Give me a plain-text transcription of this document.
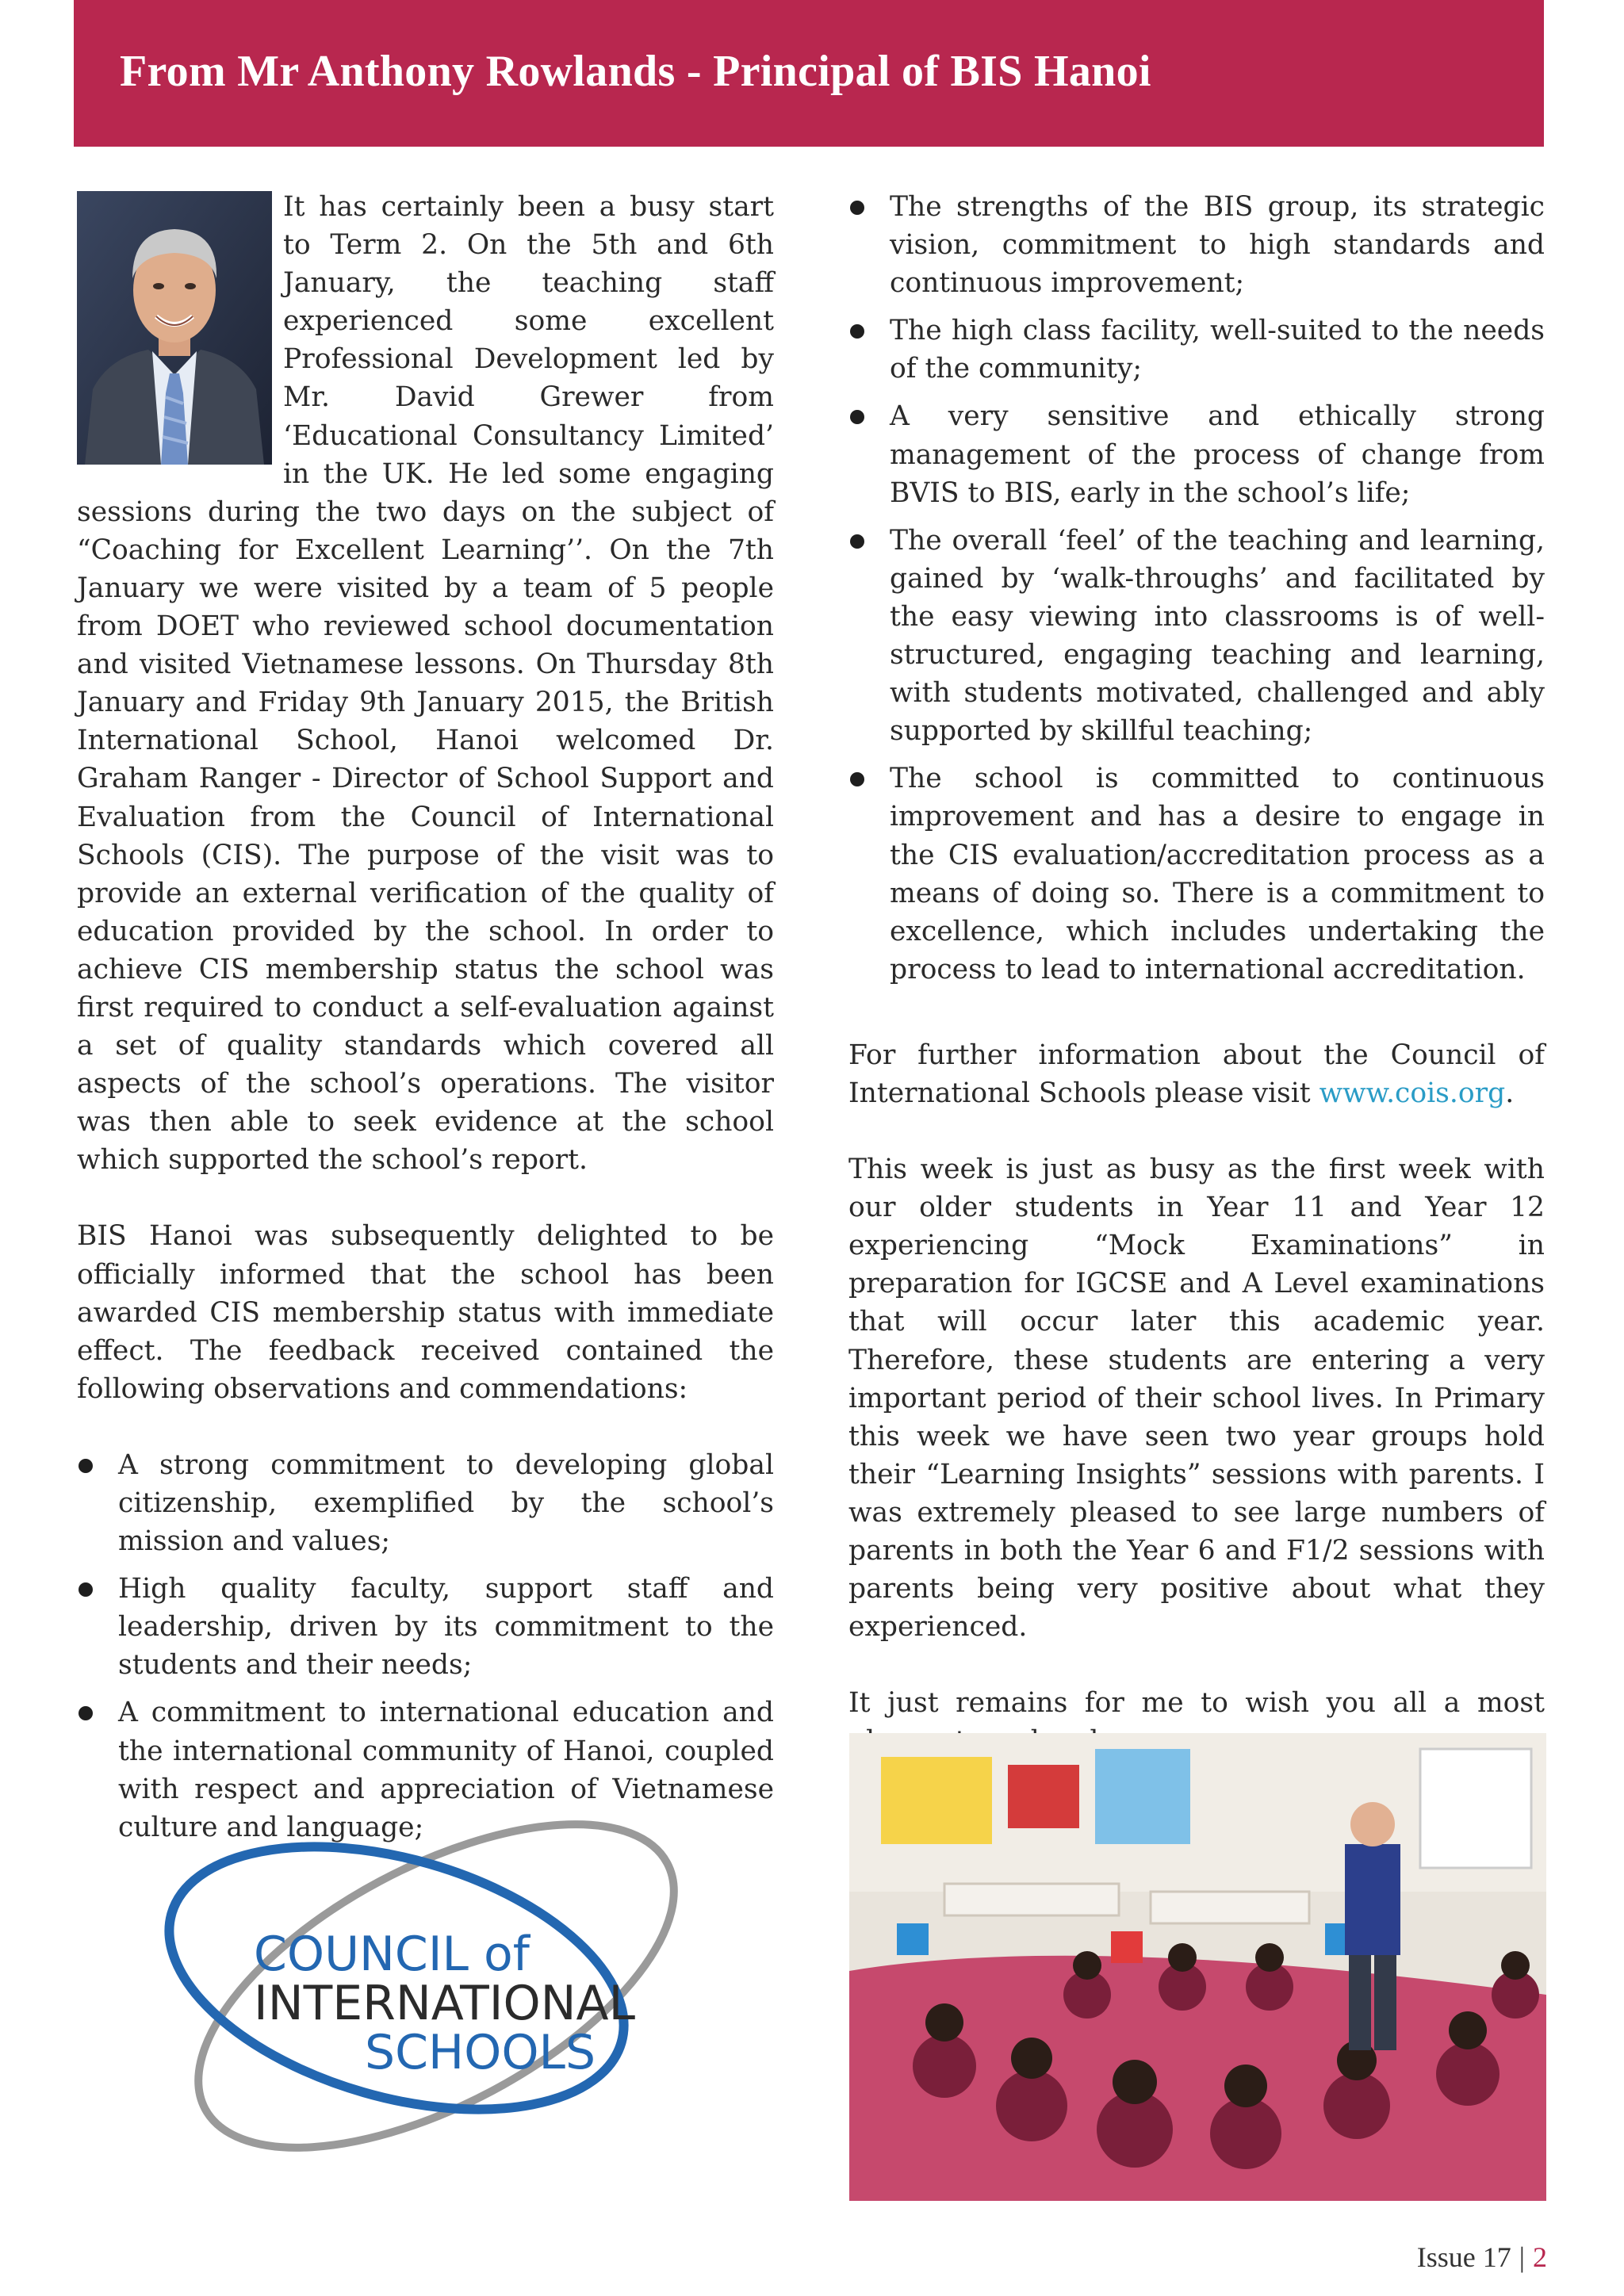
From Mr Anthony Rowlands - Principal of BIS Hanoi

It has certainly been a busy start to Term 2. On the 5th and 6th January, the teaching staff experienced some excellent Professional Development led by Mr. David Grewer from ‘Educational Consultancy Limited’ in the UK. He led some engaging sessions during the two days on the subject of “Coaching for Excellent Learning’’. On the 7th January we were visited by a team of 5 people from DOET who reviewed school documentation and visited Vietnamese lessons. On Thursday 8th January and Friday 9th January 2015, the British International School, Hanoi welcomed Dr. Graham Ranger - Director of School Support and Evaluation from the Council of International Schools (CIS). The purpose of the visit was to provide an external verification of the quality of education provided by the school. In order to achieve CIS membership status the school was first required to conduct a self-evaluation against a set of quality standards which covered all aspects of the school’s operations. The visitor was then able to seek evidence at the school which supported the school’s report.

BIS Hanoi was subsequently delighted to be officially informed that the school has been awarded CIS membership status with immediate effect. The feedback received contained the following observations and commendations:

A strong commitment to developing global citizenship, exemplified by the school’s mission and values;
High quality faculty, support staff and leadership, driven by its commitment to the students and their needs;
A commitment to international education and the international community of Hanoi, coupled with respect and appreciation of Vietnamese culture and language;
The strengths of the BIS group, its strategic vision, commitment to high standards and continuous improvement;
The high class facility, well-suited to the needs of the community;
A very sensitive and ethically strong management of the process of change from BVIS to BIS, early in the school’s life;
The overall ‘feel’ of the teaching and learning, gained by ‘walk-throughs’ and facilitated by the easy viewing into classrooms is of well-structured, engaging teaching and learning, with students motivated, challenged and ably supported by skillful teaching;
The school is committed to continuous improvement and has a desire to engage in the CIS evaluation/accreditation process as a means of doing so. There is a commitment to excellence, which includes undertaking the process to lead to international accreditation.

For further information about the Council of International Schools please visit www.cois.org.

This week is just as busy as the first week with our older students in Year 11 and Year 12 experiencing “Mock Examinations” in preparation for IGCSE and A Level examinations that will occur later this academic year. Therefore, these students are entering a very important period of their school lives. In Primary this week we have seen two year groups hold their “Learning Insights” sessions with parents. I was extremely pleased to see large numbers of parents in both the Year 6 and F1/2 sessions with parents being very positive about what they experienced.

It just remains for me to wish you all a most

COUNCIL of
INTERNATIONAL
SCHOOLS
Issue 17 | 2
